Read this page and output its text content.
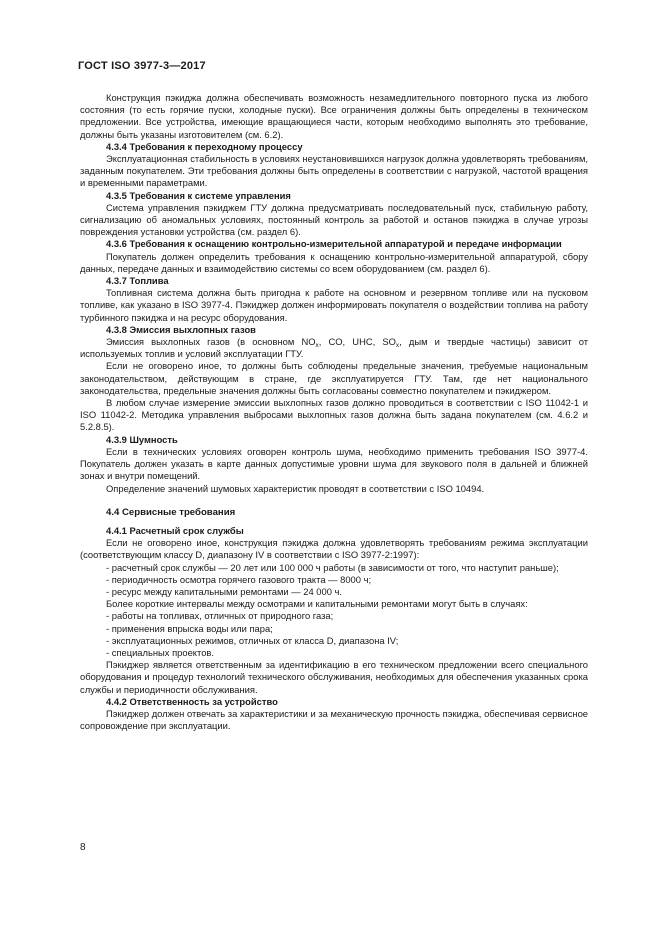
ГОСТ ISO 3977-3—2017

Конструкция пэкиджа должна обеспечивать возможность незамедлительного повторного пуска из любого состояния (то есть горячие пуски, холодные пуски). Все ограничения должны быть определены в техническом предложении. Все устройства, имеющие вращающиеся части, которым необходимо выполнять это требование, должны быть указаны изготовителем (см. 6.2).

4.3.4 Требования к переходному процессу

Эксплуатационная стабильность в условиях неустановившихся нагрузок должна удовлетворять требованиям, заданным покупателем. Эти требования должны быть определены в соответствии с нагрузкой, частотой вращения и временными параметрами.

4.3.5 Требования к системе управления

Система управления пэкиджем ГТУ должна предусматривать последовательный пуск, стабильную работу, сигнализацию об аномальных условиях, постоянный контроль за работой и останов пэкиджа в случае угрозы повреждения установки устройства (см. раздел 6).

4.3.6 Требования к оснащению контрольно-измерительной аппаратурой и передаче информации

Покупатель должен определить требования к оснащению контрольно-измерительной аппаратурой, сбору данных, передаче данных и взаимодействию системы со всем оборудованием (см. раздел 6).

4.3.7 Топлива

Топливная система должна быть пригодна к работе на основном и резервном топливе или на пусковом топливе, как указано в ISO 3977-4. Пэкиджер должен информировать покупателя о воздействии топлива на работу турбинного пэкиджа и на ресурс оборудования.

4.3.8 Эмиссия выхлопных газов

Эмиссия выхлопных газов (в основном $NO_x$, CO, UHC, $SO_x$, дым и твердые частицы) зависит от используемых топлив и условий эксплуатации ГТУ.

Если не оговорено иное, то должны быть соблюдены предельные значения, требуемые национальным законодательством, действующим в стране, где эксплуатируется ГТУ. Там, где нет национального законодательства, предельные значения должны быть согласованы совместно покупателем и пэкиджером.

В любом случае измерение эмиссии выхлопных газов должно проводиться в соответствии с ISO 11042-1 и ISO 11042-2. Методика управления выбросами выхлопных газов должна быть задана покупателем (см. 4.6.2 и 5.2.8.5).

4.3.9 Шумность

Если в технических условиях оговорен контроль шума, необходимо применить требования ISO 3977-4. Покупатель должен указать в карте данных допустимые уровни шума для звукового поля в дальней и ближней зонах и внутри помещений.

Определение значений шумовых характеристик проводят в соответствии с ISO 10494.

4.4 Сервисные требования
4.4.1 Расчетный срок службы

Если не оговорено иное, конструкция пэкиджа должна удовлетворять требованиям режима эксплуатации (соответствующим классу D, диапазону IV в соответствии с ISO 3977-2:1997):

- расчетный срок службы — 20 лет или 100 000 ч работы (в зависимости от того, что наступит раньше);

- периодичность осмотра горячего газового тракта — 8000 ч;

- ресурс между капитальными ремонтами — 24 000 ч.

Более короткие интервалы между осмотрами и капитальными ремонтами могут быть в случаях:

- работы на топливах, отличных от природного газа;

- применения впрыска воды или пара;

- эксплуатационных режимов, отличных от класса D, диапазона IV;

- специальных проектов.

Пэкиджер является ответственным за идентификацию в его техническом предложении всего специального оборудования и процедур технологий технического обслуживания, необходимых для обеспечения указанных срока службы и периодичности обслуживания.

4.4.2 Ответственность за устройство

Пэкиджер должен отвечать за характеристики и за механическую прочность пэкиджа, обеспечивая сервисное сопровождение при эксплуатации.

8
